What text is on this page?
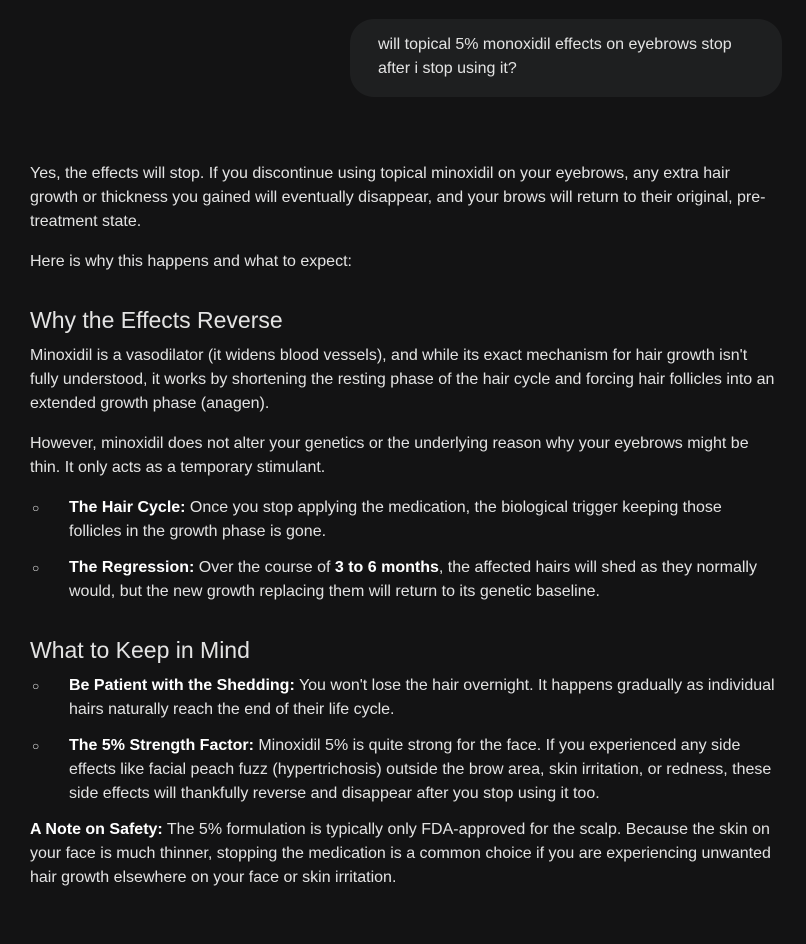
will topical 5% monoxidil effects on eyebrows stop after i stop using it?

Yes, the effects will stop. If you discontinue using topical minoxidil on your eyebrows, any extra hair growth or thickness you gained will eventually disappear, and your brows will return to their original, pre-treatment state.

Here is why this happens and what to expect:

Why the Effects Reverse

Minoxidil is a vasodilator (it widens blood vessels), and while its exact mechanism for hair growth isn't fully understood, it works by shortening the resting phase of the hair cycle and forcing hair follicles into an extended growth phase (anagen).

However, minoxidil does not alter your genetics or the underlying reason why your eyebrows might be thin. It only acts as a temporary stimulant.

○ The Hair Cycle: Once you stop applying the medication, the biological trigger keeping those follicles in the growth phase is gone.
○ The Regression: Over the course of 3 to 6 months, the affected hairs will shed as they normally would, but the new growth replacing them will return to its genetic baseline.
What to Keep in Mind
○ Be Patient with the Shedding: You won't lose the hair overnight. It happens gradually as individual hairs naturally reach the end of their life cycle.
○ The 5% Strength Factor: Minoxidil 5% is quite strong for the face. If you experienced any side effects like facial peach fuzz (hypertrichosis) outside the brow area, skin irritation, or redness, these side effects will thankfully reverse and disappear after you stop using it too.

A Note on Safety: The 5% formulation is typically only FDA-approved for the scalp. Because the skin on your face is much thinner, stopping the medication is a common choice if you are experiencing unwanted hair growth elsewhere on your face or skin irritation.
